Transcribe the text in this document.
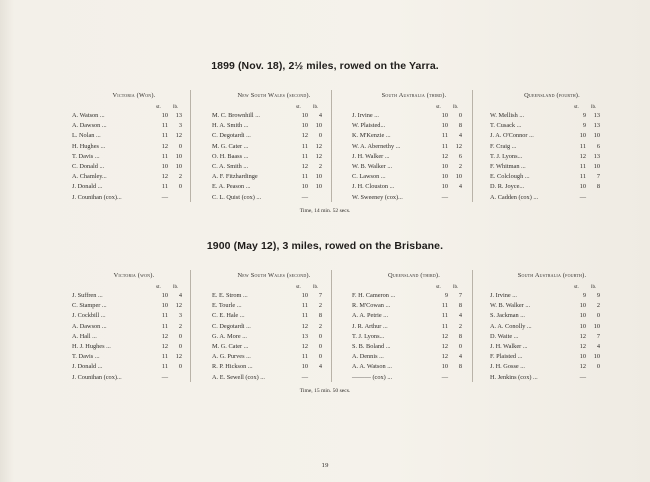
1899 (Nov. 18), 2½ miles, rowed on the Yarra.
Victoria (Won).
st. lb.
A. Watson ...	10	13
A. Dawson ...	11	3
L. Nolan ...	11	12
H. Hughes ...	12	0
T. Davis ...	11	10
C. Donald ...	10	10
A. Chamley...	12	2
J. Donald ...	11	0
J. Counihan (cox)...	—
New South Wales (second).
st. lb.
M. C. Brownhill ...	10	4
H. A. Smith ...	10	10
C. Degotardi ...	12	0
M. G. Cater ...	11	12
O. H. Baass ...	11	12
C. A. Smith ...	12	2
A. F. Fitzhardinge	11	10
E. A. Peason ...	10	10
C. L. Quist (cox) ...	—
South Australia (third).
st. lb.
J. Irvine ...	10	0
W. Plaisted...	10	8
K. M'Kenzie ...	11	4
W. A. Abernethy ...	11	12
J. H. Walker ...	12	6
W. B. Walker ...	10	2
C. Lawson ...	10	10
J. H. Clouston ...	10	4
W. Sweeney (cox)...	—
Queensland (fourth).
st. lb.
W. Mellish ...	9	13
T. Cusack ...	9	13
J. A. O'Connor ...	10	10
F. Craig ...	11	6
T. J. Lyons...	12	13
F. Whitman ...	11	10
E. Colclough ...	11	7
D. R. Joyce...	10	8
A. Cadden (cox) ...	—
Time, 14 min. 52 secs.
1900 (May 12), 3 miles, rowed on the Brisbane.
Victoria (won).
st. lb.
J. Suffren ...	10	4
C. Stamper ...	10	12
J. Cockbill ...	11	3
A. Dawson ...	11	2
A. Hall ...	12	0
H. J. Hughes ...	12	0
T. Davis ...	11	12
J. Donald ...	11	0
J. Counihan (cox)...	—
New South Wales (second).
st. lb.
E. E. Strom ...	10	7
E. Tourle ...	11	2
C. E. Hale ...	11	8
C. Degotardi ...	12	2
G. A. More ...	13	0
M. G. Cater ...	12	0
A. G. Purves ...	11	0
R. P. Hickson ...	10	4
A. E. Sewell (cox) ...	—
Queensland (third).
st. lb.
F. H. Cameron ...	9	7
R. M'Cowan ...	11	8
A. A. Petrie ...	11	4
J. R. Arthur ...	11	2
T. J. Lyons...	12	8
S. B. Boland ...	12	0
A. Dennis ...	12	4
A. A. Watson ...	10	8
——— (cox) ...	—
South Australia (fourth).
st. lb.
J. Irvine ...	9	9
W. B. Walker ...	10	2
S. Jackman ...	10	0
A. A. Conolly ...	10	10
D. Waite ...	12	7
J. H. Walker ...	12	4
F. Plaisted ...	10	10
J. H. Gosse ...	12	0
H. Jenkins (cox) ...	—
Time, 15 min. 50 secs.
19
